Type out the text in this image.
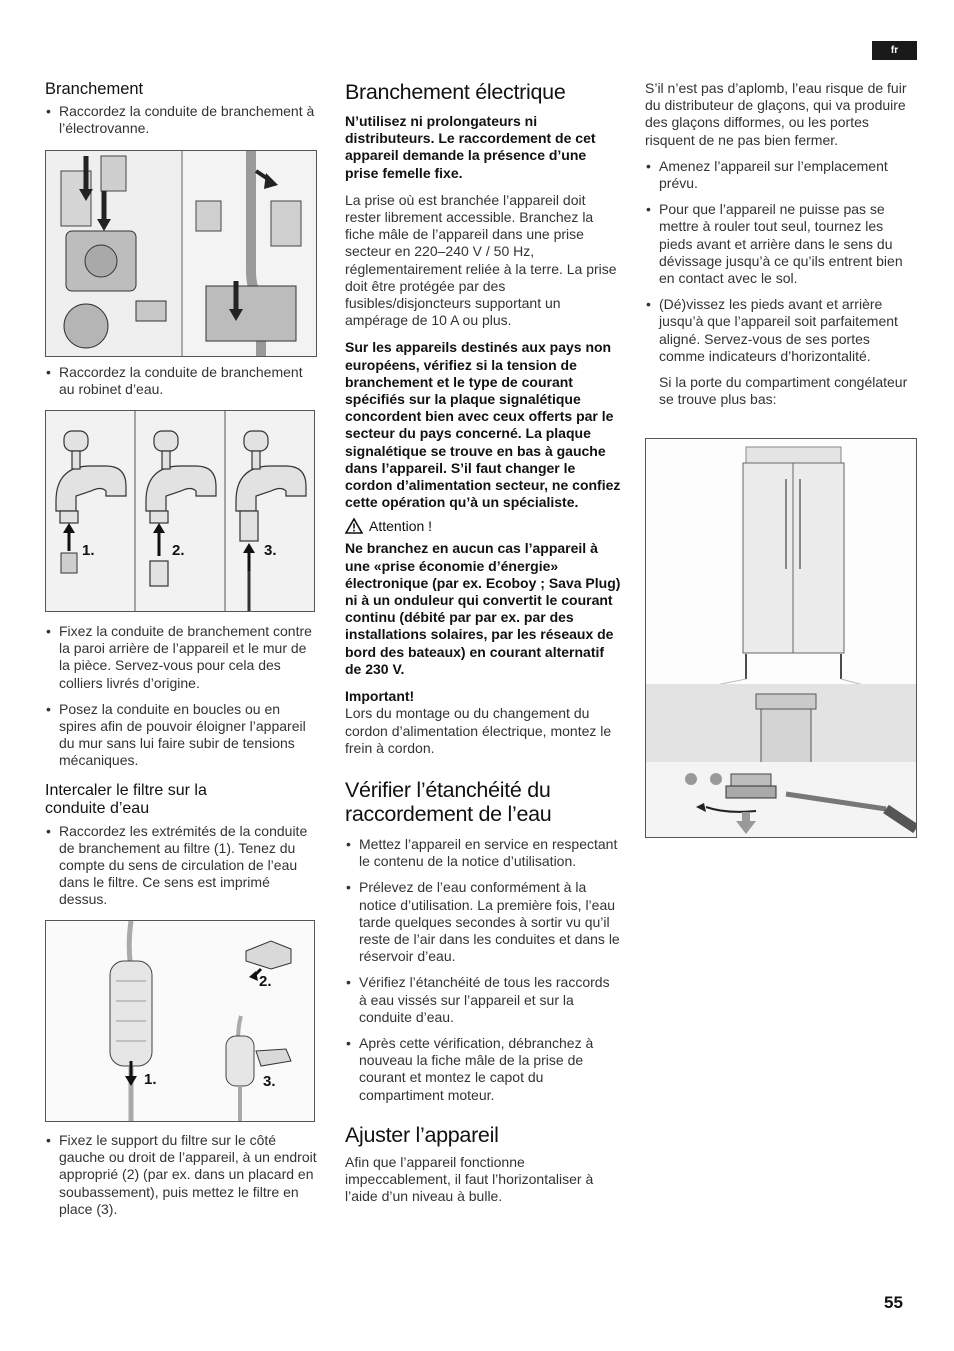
fr
Branchement
• Raccordez la conduite de branchement à l’électrovanne.
• Raccordez la conduite de branchement au robinet d’eau.
1.	2.	3.
• Fixez la conduite de branchement contre la paroi arrière de l’appareil et le mur de la pièce. Servez-vous pour cela des colliers livrés d’origine.
• Posez la conduite en boucles ou en spires afin de pouvoir éloigner l’appareil du mur sans lui faire subir de tensions mécaniques.
Intercaler le filtre sur la conduite d’eau
• Raccordez les extrémités de la conduite de branchement au filtre (1). Tenez du compte du sens de circulation de l’eau dans le filtre. Ce sens est imprimé dessus.
1.
2.
3.
• Fixez le support du filtre sur le côté gauche ou droit de l’appareil, à un endroit approprié (2) (par ex. dans un placard en soubassement), puis mettez le filtre en place (3).
Branchement électrique

N’utilisez ni prolongateurs ni distributeurs. Le raccordement de cet appareil demande la présence d’une prise femelle fixe.

La prise où est branchée l’appareil doit rester librement accessible. Branchez la fiche mâle de l’appareil dans une prise secteur en 220–240 V / 50 Hz, réglementairement reliée à la terre. La prise doit être protégée par des fusibles/disjoncteurs supportant un ampérage de 10 A ou plus.

Sur les appareils destinés aux pays non européens, vérifiez si la tension de branchement et le type de courant spécifiés sur la plaque signalétique concordent bien avec ceux offerts par le secteur du pays concerné. La plaque signalétique se trouve en bas à gauche dans l’appareil. S’il faut changer le cordon d’alimentation secteur, ne confiez cette opération qu’à un spécialiste.

Attention !

Ne branchez en aucun cas l’appareil à une «prise économie d’énergie» électronique (par ex. Ecoboy ; Sava Plug) ni à un onduleur qui convertit le courant continu (débité par par ex. par des installations solaires, par les réseaux de bord des bateaux) en courant alternatif de 230 V.

Important!

Lors du montage ou du changement du cordon d’alimentation électrique, montez le frein à cordon.

Vérifier l’étanchéité du raccordement de l’eau
• Mettez l’appareil en service en respectant le contenu de la notice d’utilisation.
• Prélevez de l’eau conformément à la notice d’utilisation. La première fois, l’eau tarde quelques secondes à sortir vu qu’il reste de l’air dans les conduites et dans le réservoir d’eau.
• Vérifiez l’étanchéité de tous les raccords à eau vissés sur l’appareil et sur la conduite d’eau.
• Après cette vérification, débranchez à nouveau la fiche mâle de la prise de courant et montez le capot du compartiment moteur.
Ajuster l’appareil

Afin que l’appareil fonctionne impeccablement, il faut l’horizontaliser à l’aide d’un niveau à bulle.

S’il n’est pas d’aplomb, l’eau risque de fuir du distributeur de glaçons, qui va produire des glaçons difformes, ou les portes risquent de ne pas bien fermer.

• Amenez l’appareil sur l’emplacement prévu.
• Pour que l’appareil ne puisse pas se mettre à rouler tout seul, tournez les pieds avant et arrière dans le sens du dévissage jusqu’à ce qu’ils entrent bien en contact avec le sol.
• (Dé)vissez les pieds avant et arrière jusqu’à que l’appareil soit parfaitement aligné. Servez-vous de ses portes comme indicateurs d’horizontalité.

Si la porte du compartiment congélateur se trouve plus bas:

55
